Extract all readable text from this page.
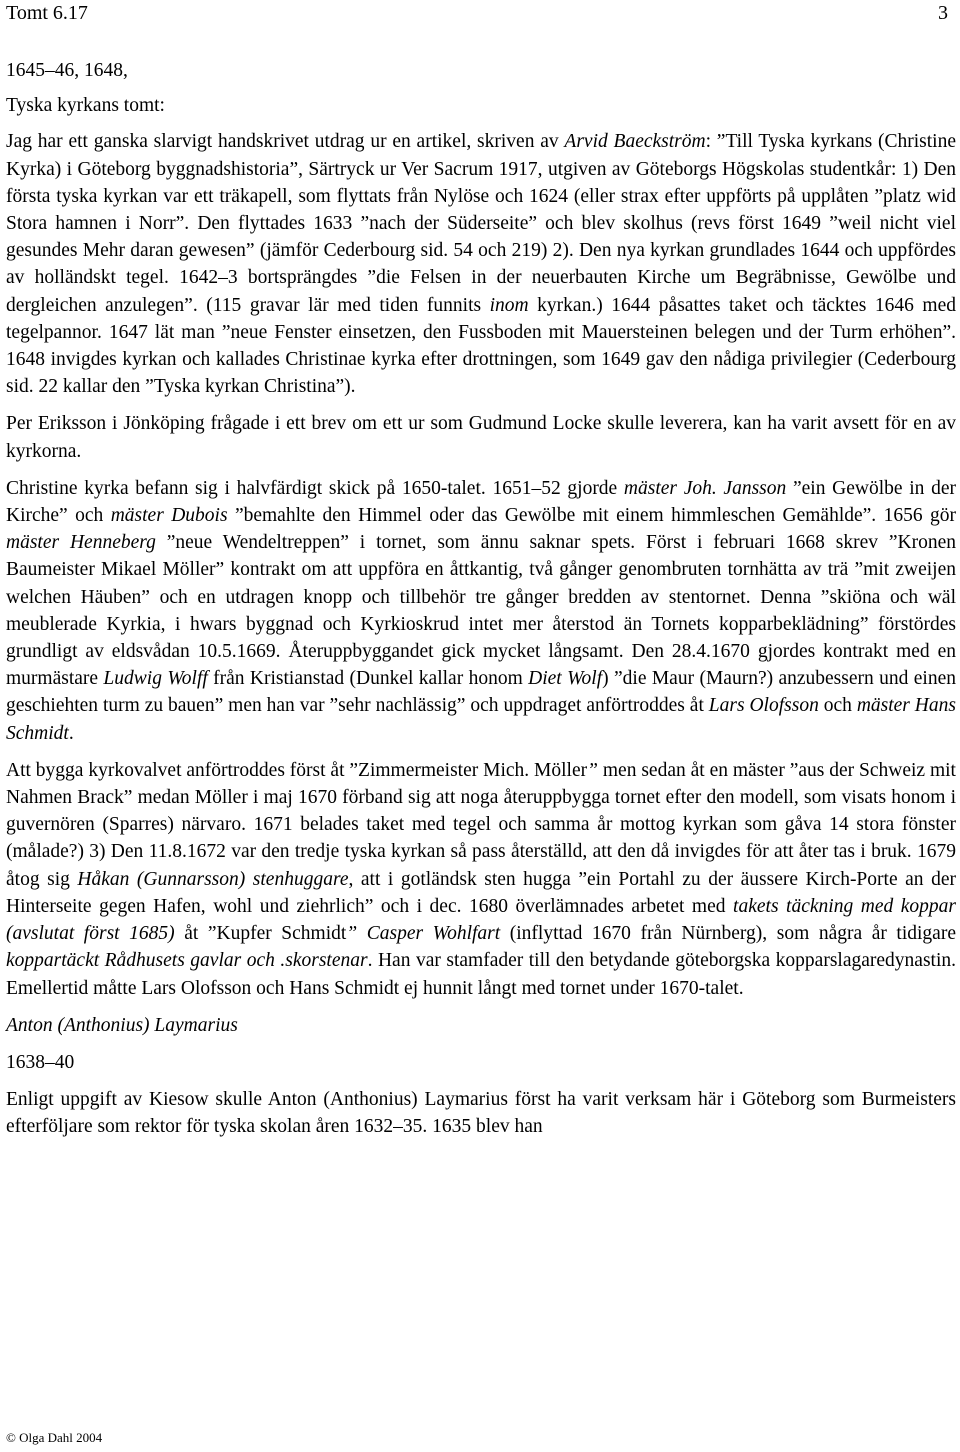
Tomt 6.17	3

1645–46, 1648,

Tyska kyrkans tomt:

Jag har ett ganska slarvigt handskrivet utdrag ur en artikel, skriven av Arvid Baeckström: ”Till Tyska kyrkans (Christine Kyrka) i Göteborg byggnadshistoria”, Särtryck ur Ver Sacrum 1917, utgiven av Göteborgs Högskolas studentkår: 1) Den första tyska kyrkan var ett träkapell, som flyttats från Nylöse och 1624 (eller strax efter uppförts på upplåten ”platz wid Stora hamnen i Norr”. Den flyttades 1633 ”nach der Süderseite” och blev skolhus (revs först 1649 ”weil nicht viel gesundes Mehr daran gewesen” (jämför Cederbourg sid. 54 och 219) 2). Den nya kyrkan grundlades 1644 och uppfördes av holländskt tegel. 1642–3 bortsprängdes ”die Felsen in der neuerbauten Kirche um Begräbnisse, Gewölbe und dergleichen anzulegen”. (115 gravar lär med tiden funnits inom kyrkan.) 1644 påsattes taket och täcktes 1646 med tegelpannor. 1647 lät man ”neue Fenster einsetzen, den Fussboden mit Mauersteinen belegen und der Turm erhöhen”. 1648 invigdes kyrkan och kallades Christinae kyrka efter drottningen, som 1649 gav den nådiga privilegier (Cederbourg sid. 22 kallar den ”Tyska kyrkan Christina”).

Per Eriksson i Jönköping frågade i ett brev om ett ur som Gudmund Locke skulle leverera, kan ha varit avsett för en av kyrkorna.

Christine kyrka befann sig i halvfärdigt skick på 1650-talet. 1651–52 gjorde mäster Joh. Jansson ”ein Gewölbe in der Kirche” och mäster Dubois ”bemahlte den Himmel oder das Gewölbe mit einem himmleschen Gemählde”. 1656 gör mäster Henneberg ”neue Wendeltreppen” i tornet, som ännu saknar spets. Först i februari 1668 skrev ”Kronen Baumeister Mikael Möller” kontrakt om att uppföra en åttkantig, två gånger genombruten tornhätta av trä ”mit zweijen welchen Häuben” och en utdragen knopp och tillbehör tre gånger bredden av stentornet. Denna ”skiöna och wäl meublerade Kyrkia, i hwars byggnad och Kyrkioskrud intet mer återstod än Tornets kopparbeklädning” förstördes grundligt av eldsvådan 10.5.1669. Återuppbyggandet gick mycket långsamt. Den 28.4.1670 gjordes kontrakt med en murmästare Ludwig Wolff från Kristianstad (Dunkel kallar honom Diet Wolf) ”die Maur (Maurn?) anzubessern und einen geschiehten turm zu bauen” men han var ”sehr nachlässig” och uppdraget anförtroddes åt Lars Olofsson och mäster Hans Schmidt.

Att bygga kyrkovalvet anförtroddes först åt ”Zimmermeister Mich. Möller” men sedan åt en mäster ”aus der Schweiz mit Nahmen Brack” medan Möller i maj 1670 förband sig att noga återuppbygga tornet efter den modell, som visats honom i guvernören (Sparres) närvaro. 1671 belades taket med tegel och samma år mottog kyrkan som gåva 14 stora fönster (målade?) 3) Den 11.8.1672 var den tredje tyska kyrkan så pass återställd, att den då invigdes för att åter tas i bruk. 1679 åtog sig Håkan (Gunnarsson) stenhuggare, att i gotländsk sten hugga ”ein Portahl zu der äussere Kirch-Porte an der Hinterseite gegen Hafen, wohl und ziehrlich” och i dec. 1680 överlämnades arbetet med takets täckning med koppar (avslutat först 1685) åt ”Kupfer Schmidt” Casper Wohlfart (inflyttad 1670 från Nürnberg), som några år tidigare koppartäckt Rådhusets gavlar och .skorstenar. Han var stamfader till den betydande göteborgska kopparslagaredynastin. Emellertid måtte Lars Olofsson och Hans Schmidt ej hunnit långt med tornet under 1670-talet.

Anton (Anthonius) Laymarius

1638–40

Enligt uppgift av Kiesow skulle Anton (Anthonius) Laymarius först ha varit verksam här i Göteborg som Burmeisters efterföljare som rektor för tyska skolan åren 1632–35. 1635 blev han

© Olga Dahl 2004
